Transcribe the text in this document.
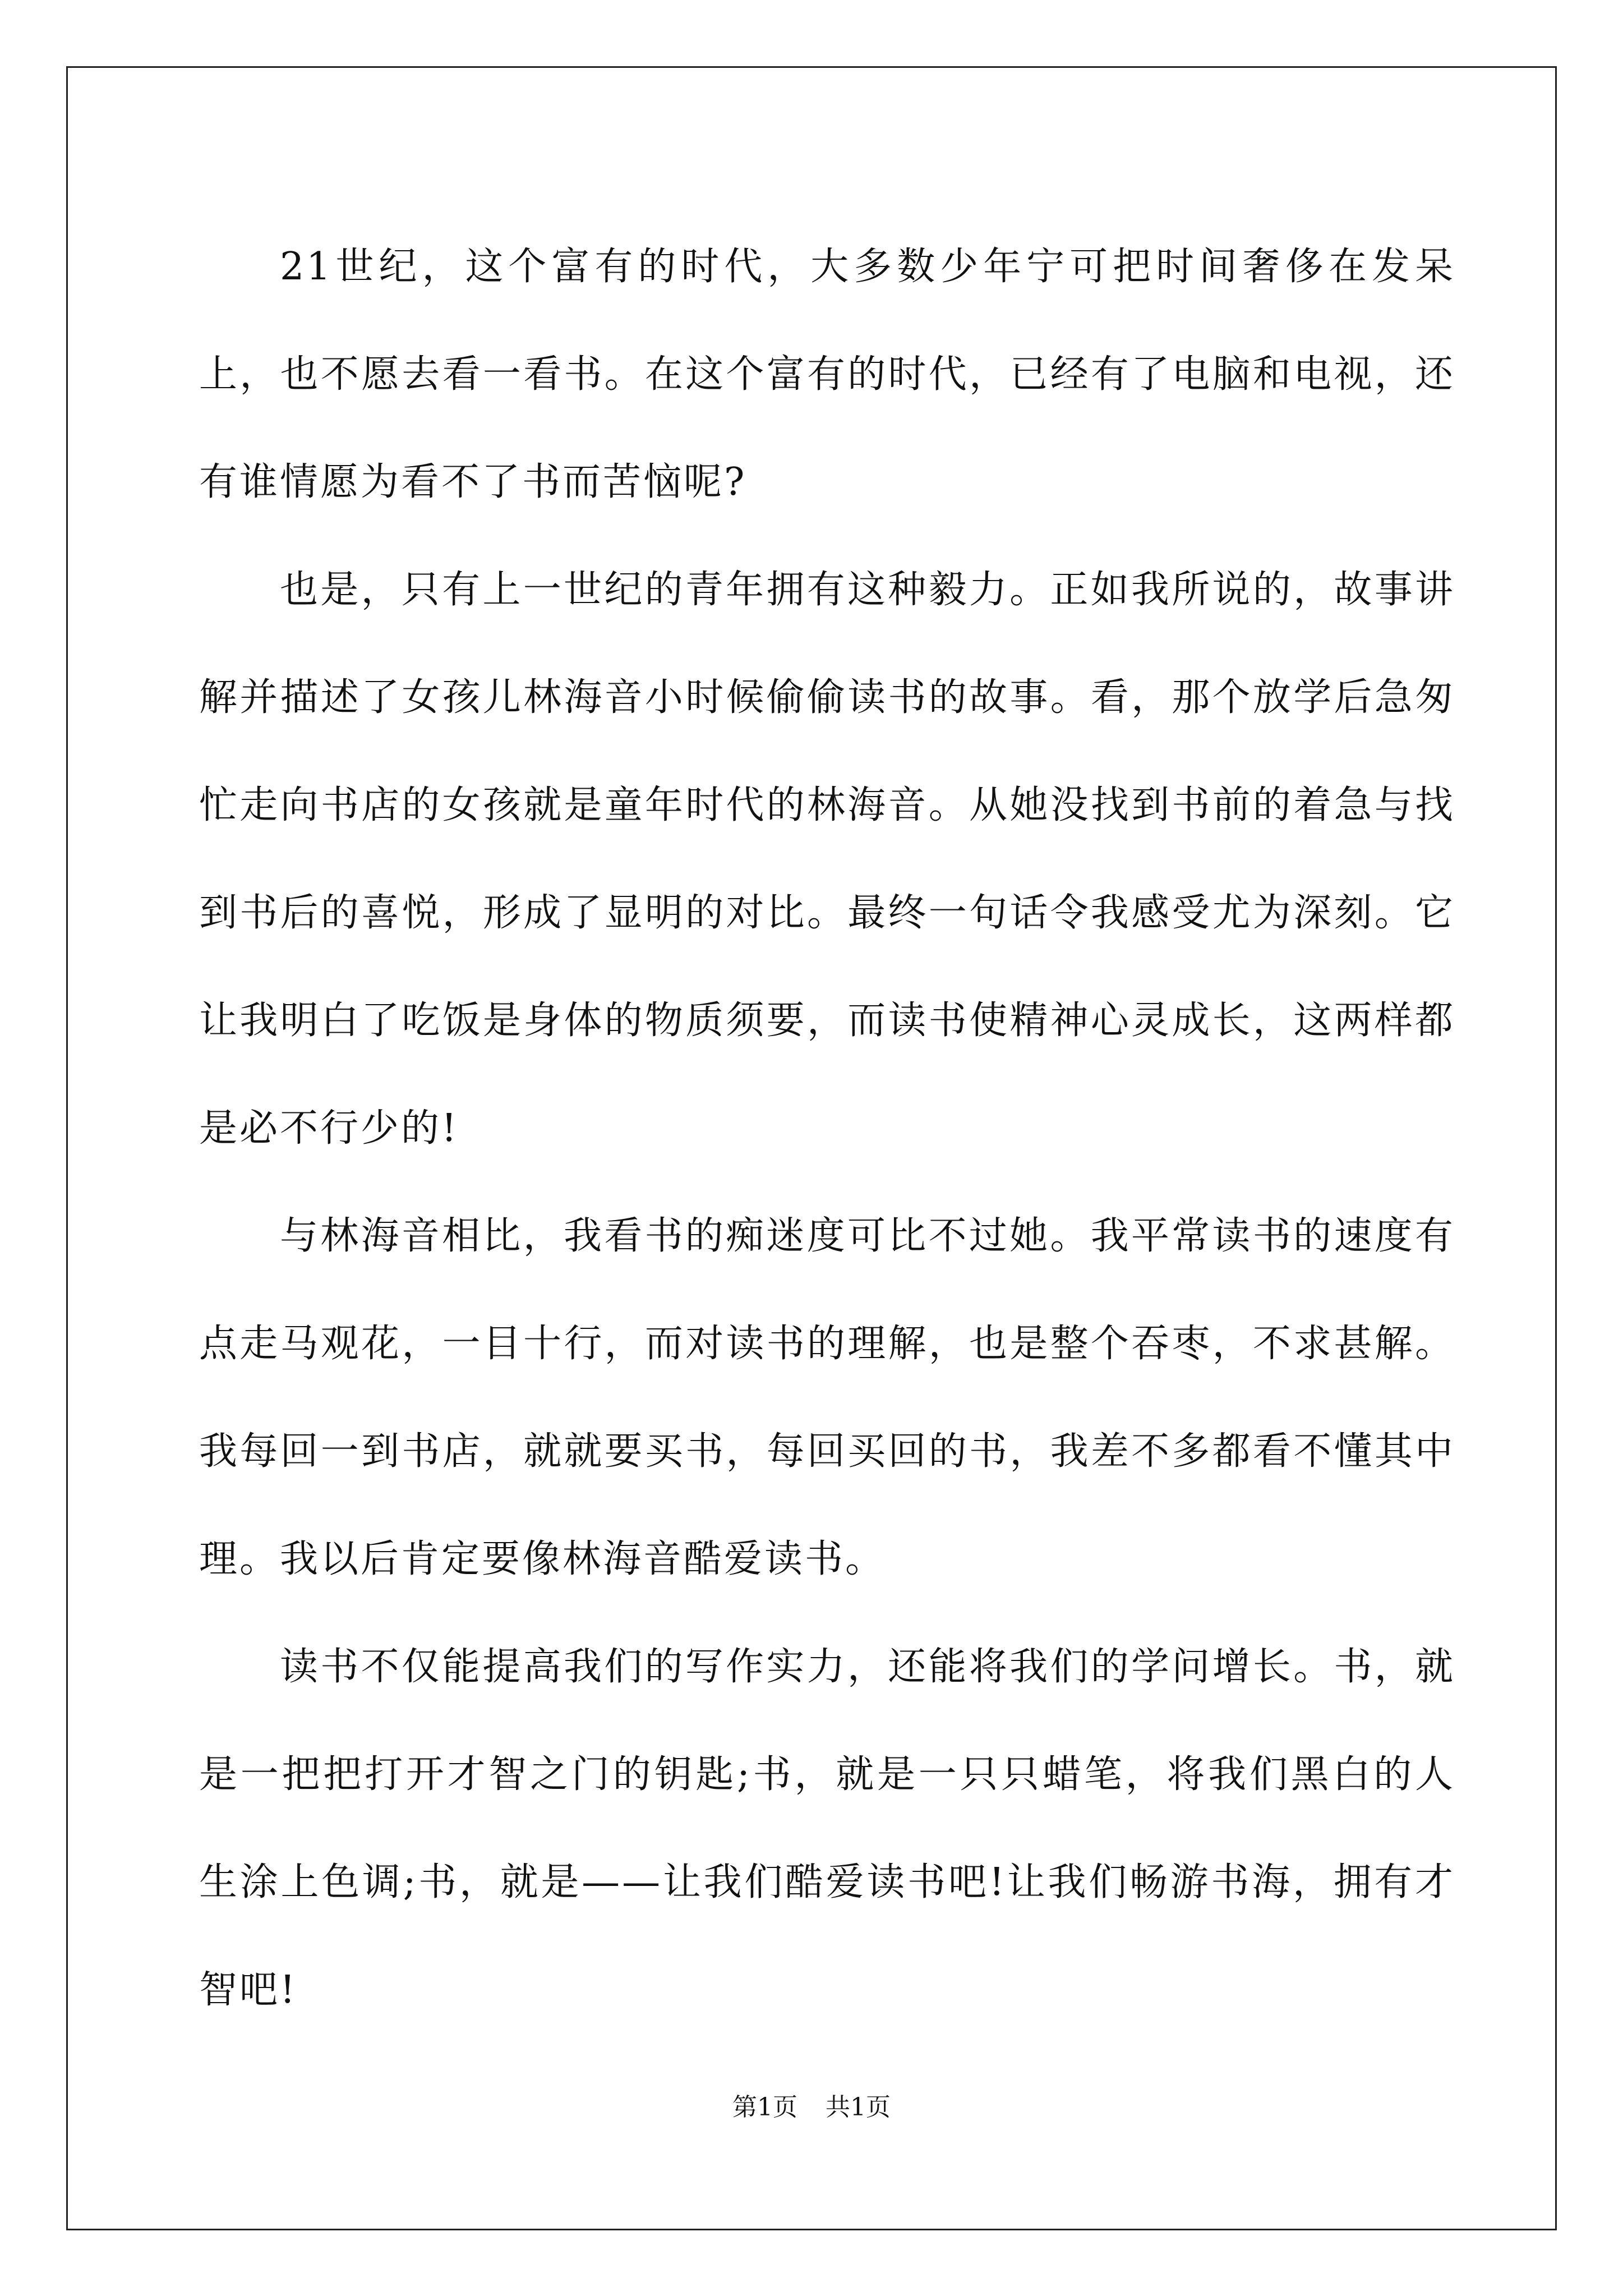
21世纪，这个富有的时代，大多数少年宁可把时间奢侈在发呆上，也不愿去看一看书。在这个富有的时代，已经有了电脑和电视，还有谁情愿为看不了书而苦恼呢?

也是，只有上一世纪的青年拥有这种毅力。正如我所说的，故事讲解并描述了女孩儿林海音小时候偷偷读书的故事。看，那个放学后急匆忙走向书店的女孩就是童年时代的林海音。从她没找到书前的着急与找到书后的喜悦，形成了显明的对比。最终一句话令我感受尤为深刻。它让我明白了吃饭是身体的物质须要，而读书使精神心灵成长，这两样都是必不行少的!

与林海音相比，我看书的痴迷度可比不过她。我平常读书的速度有点走马观花，一目十行，而对读书的理解，也是整个吞枣，不求甚解。我每回一到书店，就就要买书，每回买回的书，我差不多都看不懂其中理。我以后肯定要像林海音酷爱读书。

读书不仅能提高我们的写作实力，还能将我们的学问增长。书，就是一把把打开才智之门的钥匙;书，就是一只只蜡笔，将我们黑白的人生涂上色调;书，就是——让我们酷爱读书吧!让我们畅游书海，拥有才智吧!

第1页 共1页
